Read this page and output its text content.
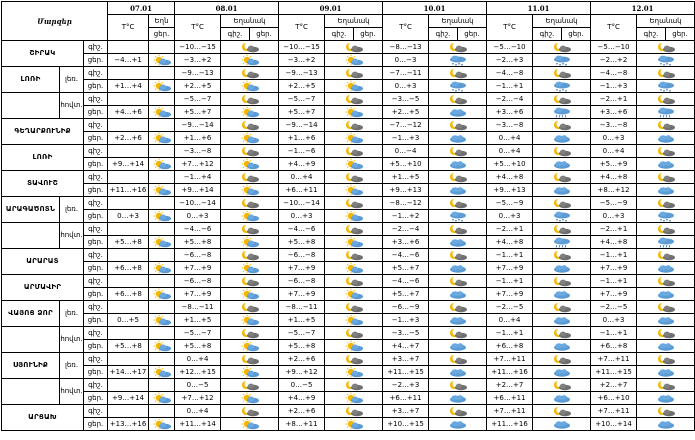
Մարզեր			07.01		08.01			09.01			10.01			11.01			12.01		
			T°C	Եղն	T°C	Եղանակ		T°C	Եղանակ		T°C	Եղանակ		T°C	Եղանակ		T°C	Եղանակ	
				ցեր.		գիշ.	ցեր.		գիշ.	ցեր.		գիշ.	ցեր.		գիշ.	ցեր.		գիշ.	ցեր.
ՇԻՐԱԿ		գիշ.			−10…−15			−10…−15			−8…−13			−5…−10			−5…−10	

		ցեր.	−4…+1		−3…+2			−3…+2			0…−3			−2…+3			−2…+2	

ԼՈՌԻ	լեռ.	գիշ.			−9…−13			−9…−13			−7…−11			−4…−8			−4…−8	

		ցեր.	+1…+4		+2…+5			+2…+5			0…+3			−1…+1			−1…+3	

	հովտ.	գիշ.			−5…−7			−5…−7			−3…−5			−2…−4			−2…+1	

		ցեր.	+4…+6		+5…+7			+5…+7			+2…+5			+3…+6			+3…+6	

ԳԵՂԱՐՔՈՒՆԻՔ		գիշ.			−9…−14			−9…−14			−7…−12			−3…−8			−3…−8	

		ցեր.	+2…+6		+1…+6			+1…+6			−1…+3			0…+4			0…+3	

ԼՈՌԻ		գիշ.			−3…−8			−1…−6			0…−4			0…+4			0…+4	

		ցեր.	+9…+14		+7…+12			+4…+9			+5…+10			+5…+10			+5…+9	

ՏԱՎՈՒՇ		գիշ.			−1…+4			0…+4			+1…+5			+4…+8			+4…+8	

		ցեր.	+11…+16		+9…+14			+6…+11			+9…+13			+9…+13			+8…+12	

ԱՐԱԳԱԾՈՏՆ	լեռ.	գիշ.			−10…−14			−10…−14			−8…−12			−5…−9			−5…−9	

		ցեր.	0…+3		0…+3			0…+3			−1…+2			0…+3			0…+3	

	հովտ.	գիշ.			−4…−6			−4…−6			−2…−4			−2…+1			−2…+1	

		ցեր.	+5…+8		+5…+8			+5…+8			+3…+6			+4…+8			+4…+8	

ԱՐԱՐԱՏ		գիշ.			−6…−8			−6…−8			−4…−6			−1…+1			−1…+1	

		ցեր.	+6…+8		+7…+9			+7…+9			+5…+7			+7…+9			+7…+9	

ԱՐՄԱՎԻՐ		գիշ.			−6…−8			−6…−8			−4…−6			−1…+1			−1…+1	

		ցեր.	+6…+8		+7…+9			+7…+9			+5…+7			+7…+9			+7…+9	

ՎԱՅՈՑ ՁՈՐ	լեռ.	գիշ.			−8…−11			−8…−11			−6…−9			−2…−5			−2…−5	

		ցեր.	0…+5		+1…+5			+1…+5			−1…+3			0…+4			0…+3	

	հովտ.	գիշ.			−5…−7			−5…−7			−3…−5			−1…+1			−1…+1	

		ցեր.	+5…+8		+5…+8			+5…+8			+4…+7			+6…+8			+6…+8	

ՍՅՈՒՆԻՔ	լեռ.	գիշ.			0…+4			+2…+6			+3…+7			+7…+11			+7…+11	

		ցեր.	+14…+17		+12…+15			+9…+12			+11…+15			+11…+16			+11…+15	

	հովտ.	գիշ.			0…−5			0…−5			−2…+3			+2…+7			+2…+7	

		ցեր.	+9…+14		+7…+12			+4…+9			+6…+11			+6…+11			+6…+10	

ԱՐՑԱԽ		գիշ.			0…+4			+2…+6			+3…+7			+7…+11			+7…+11	

		ցեր.	+13…+16		+11…+14			+8…+11			+10…+15			+11…+16			+10…+14	
